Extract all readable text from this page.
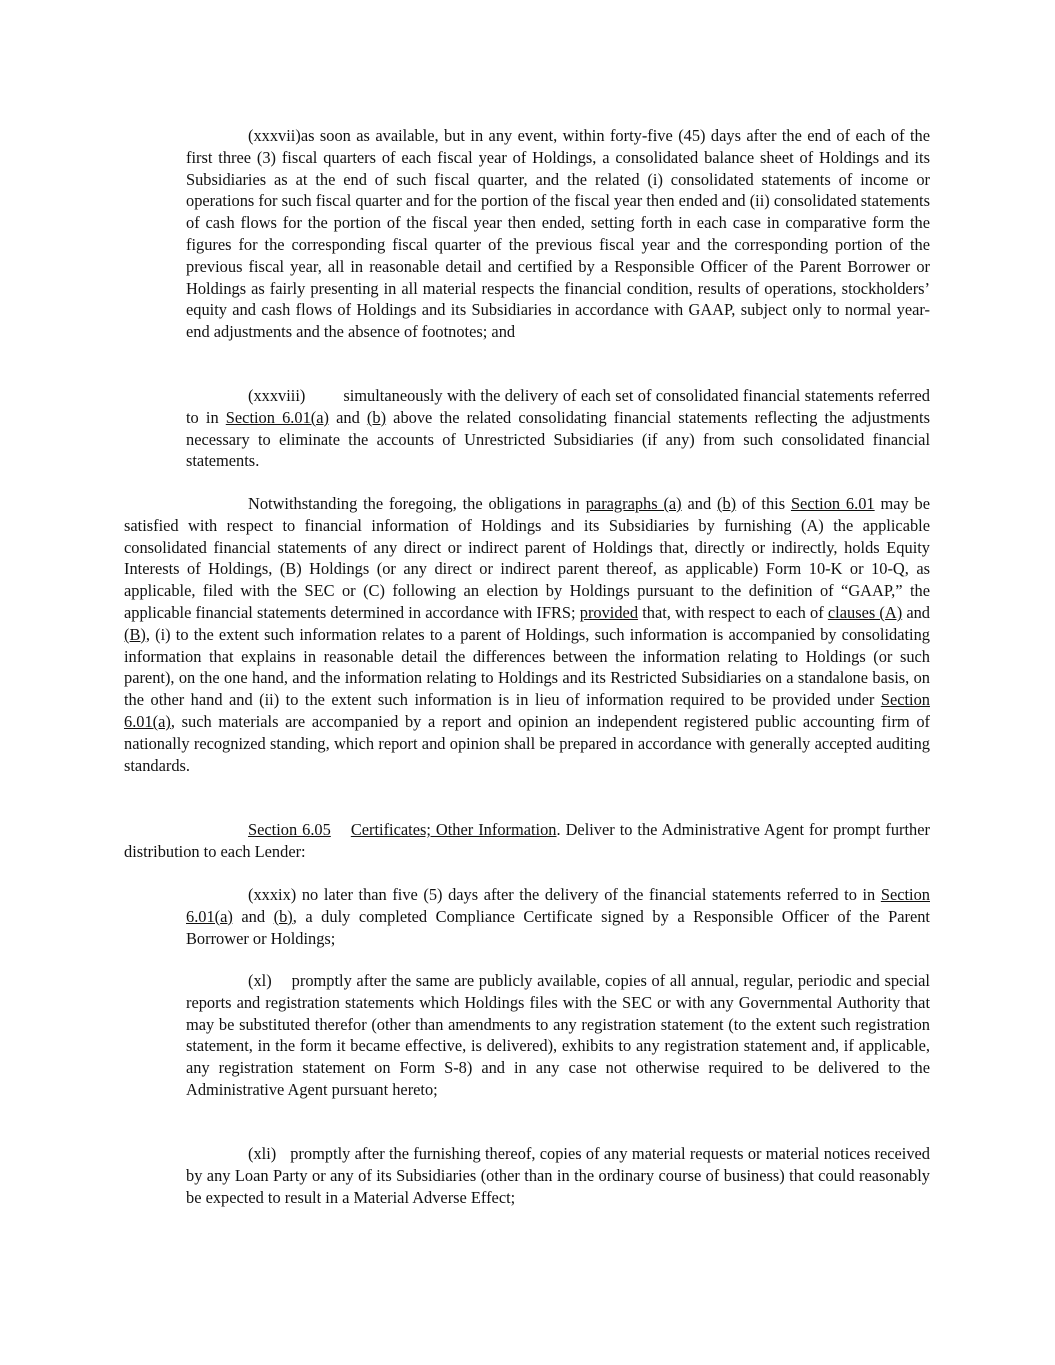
(xxxvii)as soon as available, but in any event, within forty-five (45) days after the end of each of the first three (3) fiscal quarters of each fiscal year of Holdings, a consolidated balance sheet of Holdings and its Subsidiaries as at the end of such fiscal quarter, and the related (i) consolidated statements of income or operations for such fiscal quarter and for the portion of the fiscal year then ended and (ii) consolidated statements of cash flows for the portion of the fiscal year then ended, setting forth in each case in comparative form the figures for the corresponding fiscal quarter of the previous fiscal year and the corresponding portion of the previous fiscal year, all in reasonable detail and certified by a Responsible Officer of the Parent Borrower or Holdings as fairly presenting in all material respects the financial condition, results of operations, stockholders’ equity and cash flows of Holdings and its Subsidiaries in accordance with GAAP, subject only to normal year-end adjustments and the absence of footnotes; and

(xxxviii) simultaneously with the delivery of each set of consolidated financial statements referred to in Section 6.01(a) and (b) above the related consolidating financial statements reflecting the adjustments necessary to eliminate the accounts of Unrestricted Subsidiaries (if any) from such consolidated financial statements.

Notwithstanding the foregoing, the obligations in paragraphs (a) and (b) of this Section 6.01 may be satisfied with respect to financial information of Holdings and its Subsidiaries by furnishing (A) the applicable consolidated financial statements of any direct or indirect parent of Holdings that, directly or indirectly, holds Equity Interests of Holdings, (B) Holdings (or any direct or indirect parent thereof, as applicable) Form 10-K or 10-Q, as applicable, filed with the SEC or (C) following an election by Holdings pursuant to the definition of “GAAP,” the applicable financial statements determined in accordance with IFRS; provided that, with respect to each of clauses (A) and (B), (i) to the extent such information relates to a parent of Holdings, such information is accompanied by consolidating information that explains in reasonable detail the differences between the information relating to Holdings (or such parent), on the one hand, and the information relating to Holdings and its Restricted Subsidiaries on a standalone basis, on the other hand and (ii) to the extent such information is in lieu of information required to be provided under Section 6.01(a), such materials are accompanied by a report and opinion an independent registered public accounting firm of nationally recognized standing, which report and opinion shall be prepared in accordance with generally accepted auditing standards.

Section 6.05 Certificates; Other Information. Deliver to the Administrative Agent for prompt further distribution to each Lender:

(xxxix) no later than five (5) days after the delivery of the financial statements referred to in Section 6.01(a) and (b), a duly completed Compliance Certificate signed by a Responsible Officer of the Parent Borrower or Holdings;

(xl) promptly after the same are publicly available, copies of all annual, regular, periodic and special reports and registration statements which Holdings files with the SEC or with any Governmental Authority that may be substituted therefor (other than amendments to any registration statement (to the extent such registration statement, in the form it became effective, is delivered), exhibits to any registration statement and, if applicable, any registration statement on Form S-8) and in any case not otherwise required to be delivered to the Administrative Agent pursuant hereto;

(xli) promptly after the furnishing thereof, copies of any material requests or material notices received by any Loan Party or any of its Subsidiaries (other than in the ordinary course of business) that could reasonably be expected to result in a Material Adverse Effect;
